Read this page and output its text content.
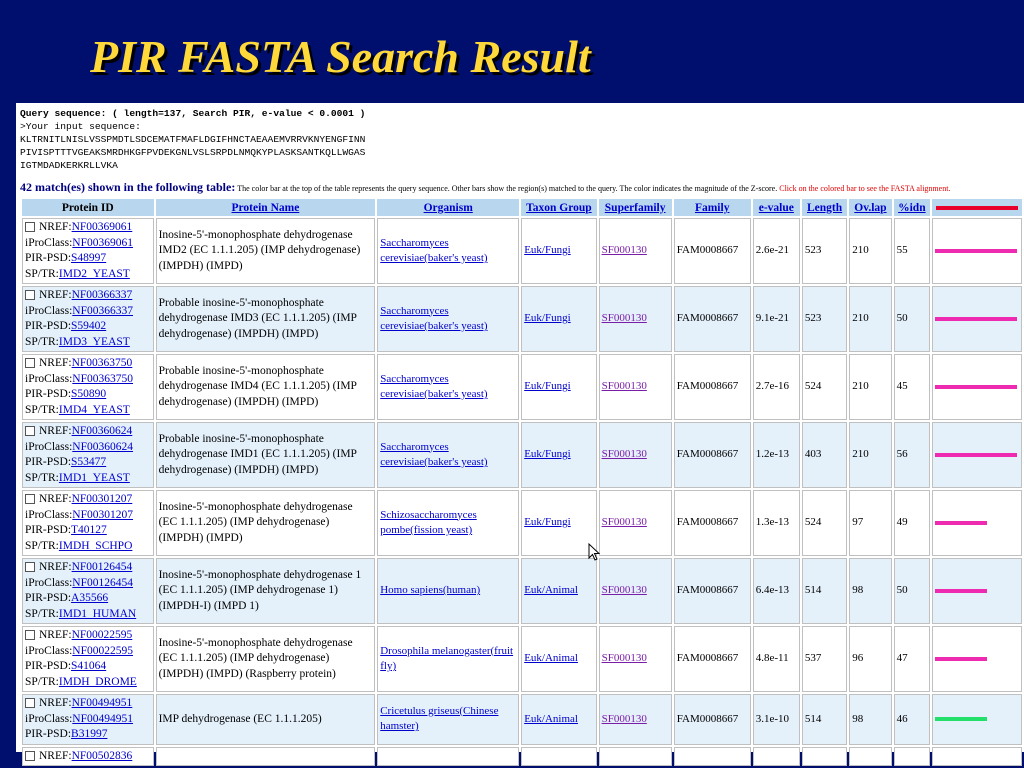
PIR FASTA Search Result
Query sequence: ( length=137, Search PIR, e-value < 0.0001 )
>Your input sequence:
KLTRNITLNISLVSSPMDTLSDCEMATFMAFLDGIFHNCTAEAAEMVRRVKNYENGFINN
PIVISPTTTVGEAKSMRDHKGFPVDEKGNLVSLSRPDLNMQKYPLASKSANTKQLLWGAS
IGTMDADKERKRLLVKA
42 match(es) shown in the following table: The color bar at the top of the table represents the query sequence. Other bars show the region(s) matched to the query. The color indicates the magnitude of the Z-score. Click on the colored bar to see the FASTA alignment.
Protein ID	Protein Name	Organism	Taxon Group	Superfamily	Family	e-value	Length	Ov.lap	%idn	

NREF:NF00369061
iProClass:NF00369061
PIR-PSD:S48997
SP/TR:IMD2_YEAST	Inosine-5'-monophosphate dehydrogenase IMD2 (EC 1.1.1.205) (IMP dehydrogenase) (IMPDH) (IMPD)	Saccharomyces cerevisiae(baker's yeast)	Euk/Fungi	SF000130	FAM0008667	2.6e-21	523	210	55	

NREF:NF00366337
iProClass:NF00366337
PIR-PSD:S59402
SP/TR:IMD3_YEAST	Probable inosine-5'-monophosphate dehydrogenase IMD3 (EC 1.1.1.205) (IMP dehydrogenase) (IMPDH) (IMPD)	Saccharomyces cerevisiae(baker's yeast)	Euk/Fungi	SF000130	FAM0008667	9.1e-21	523	210	50	

NREF:NF00363750
iProClass:NF00363750
PIR-PSD:S50890
SP/TR:IMD4_YEAST	Probable inosine-5'-monophosphate dehydrogenase IMD4 (EC 1.1.1.205) (IMP dehydrogenase) (IMPDH) (IMPD)	Saccharomyces cerevisiae(baker's yeast)	Euk/Fungi	SF000130	FAM0008667	2.7e-16	524	210	45	

NREF:NF00360624
iProClass:NF00360624
PIR-PSD:S53477
SP/TR:IMD1_YEAST	Probable inosine-5'-monophosphate dehydrogenase IMD1 (EC 1.1.1.205) (IMP dehydrogenase) (IMPDH) (IMPD)	Saccharomyces cerevisiae(baker's yeast)	Euk/Fungi	SF000130	FAM0008667	1.2e-13	403	210	56	

NREF:NF00301207
iProClass:NF00301207
PIR-PSD:T40127
SP/TR:IMDH_SCHPO	Inosine-5'-monophosphate dehydrogenase (EC 1.1.1.205) (IMP dehydrogenase) (IMPDH) (IMPD)	Schizosaccharomyces pombe(fission yeast)	Euk/Fungi	SF000130	FAM0008667	1.3e-13	524	97	49	

NREF:NF00126454
iProClass:NF00126454
PIR-PSD:A35566
SP/TR:IMD1_HUMAN	Inosine-5'-monophosphate dehydrogenase 1 (EC 1.1.1.205) (IMP dehydrogenase 1) (IMPDH-I) (IMPD 1)	Homo sapiens(human)	Euk/Animal	SF000130	FAM0008667	6.4e-13	514	98	50	

NREF:NF00022595
iProClass:NF00022595
PIR-PSD:S41064
SP/TR:IMDH_DROME	Inosine-5'-monophosphate dehydrogenase (EC 1.1.1.205) (IMP dehydrogenase) (IMPDH) (IMPD) (Raspberry protein)	Drosophila melanogaster(fruit fly)	Euk/Animal	SF000130	FAM0008667	4.8e-11	537	96	47	

NREF:NF00494951
iProClass:NF00494951
PIR-PSD:B31997	IMP dehydrogenase (EC 1.1.1.205)	Cricetulus griseus(Chinese hamster)	Euk/Animal	SF000130	FAM0008667	3.1e-10	514	98	46	

NREF:NF00502836										
